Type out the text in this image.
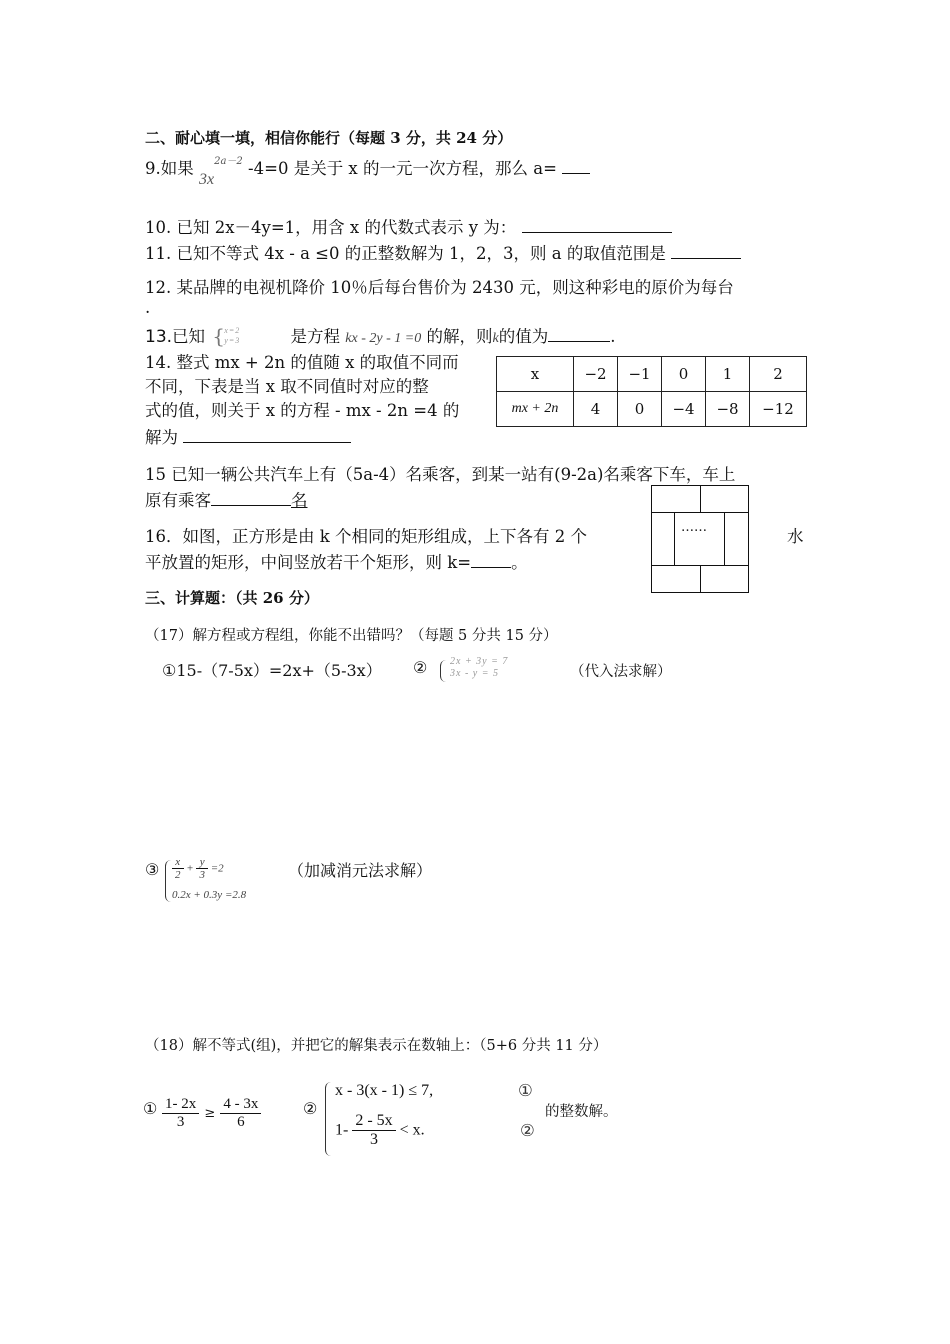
二、耐心填一填，相信你能行（每题 3 分，共 24 分）
9.如果 $3x^{2a-2}$ -4=0 是关于 x 的一元一次方程，那么 a=
10. 已知 2x－4y=1，用含 x 的代数式表示 y 为：
11. 已知不等式 4x - a ≤0 的正整数解为 1，2，3，则 a 的取值范围是
12. 某品牌的电视机降价 10％后每台售价为 2430 元，则这种彩电的原价为每台
.
13.已知 { x=2
y=3	是方程 kx - 2y - 1 =0 的解，则k的值为	.
14. 整式 mx + 2n 的值随 x 的取值不同而
不同，下表是当 x 取不同值时对应的整
式的值，则关于 x 的方程 - mx - 2n =4 的
解为
x	−2	−1	0	1	2
mx + 2n	4	0	−4	−8	−12
15 已知一辆公共汽车上有（5a-4）名乘客，到某一站有(9-2a)名乘客下车，车上
原有乘客	名
16．如图，正方形是由 k 个相同的矩形组成，上下各有 2 个	水
平放置的矩形，中间竖放若干个矩形，则 k= 。
……
三、计算题：（共 26 分）
（17）解方程或方程组，你能不出错吗？（每题 5 分共 15 分）
①15-（7-5x）=2x+（5-3x） ② 2x + 3y = 7
3x - y = 5	（代入法求解）
③ $\frac{x}{2} + \frac{y}{3} =2$
0.2x + 0.3y =2.8
（加减消元法求解）
（18）解不等式(组)，并把它的解集表示在数轴上：（5+6 分共 11 分）
① $\frac{1- 2x}{3} \ge \frac{4 - 3x}{6}$	②
x - 3(x - 1) ≤ 7,
$1- \frac{2 - 5x}{3} < x$.
①
②
的整数解。
